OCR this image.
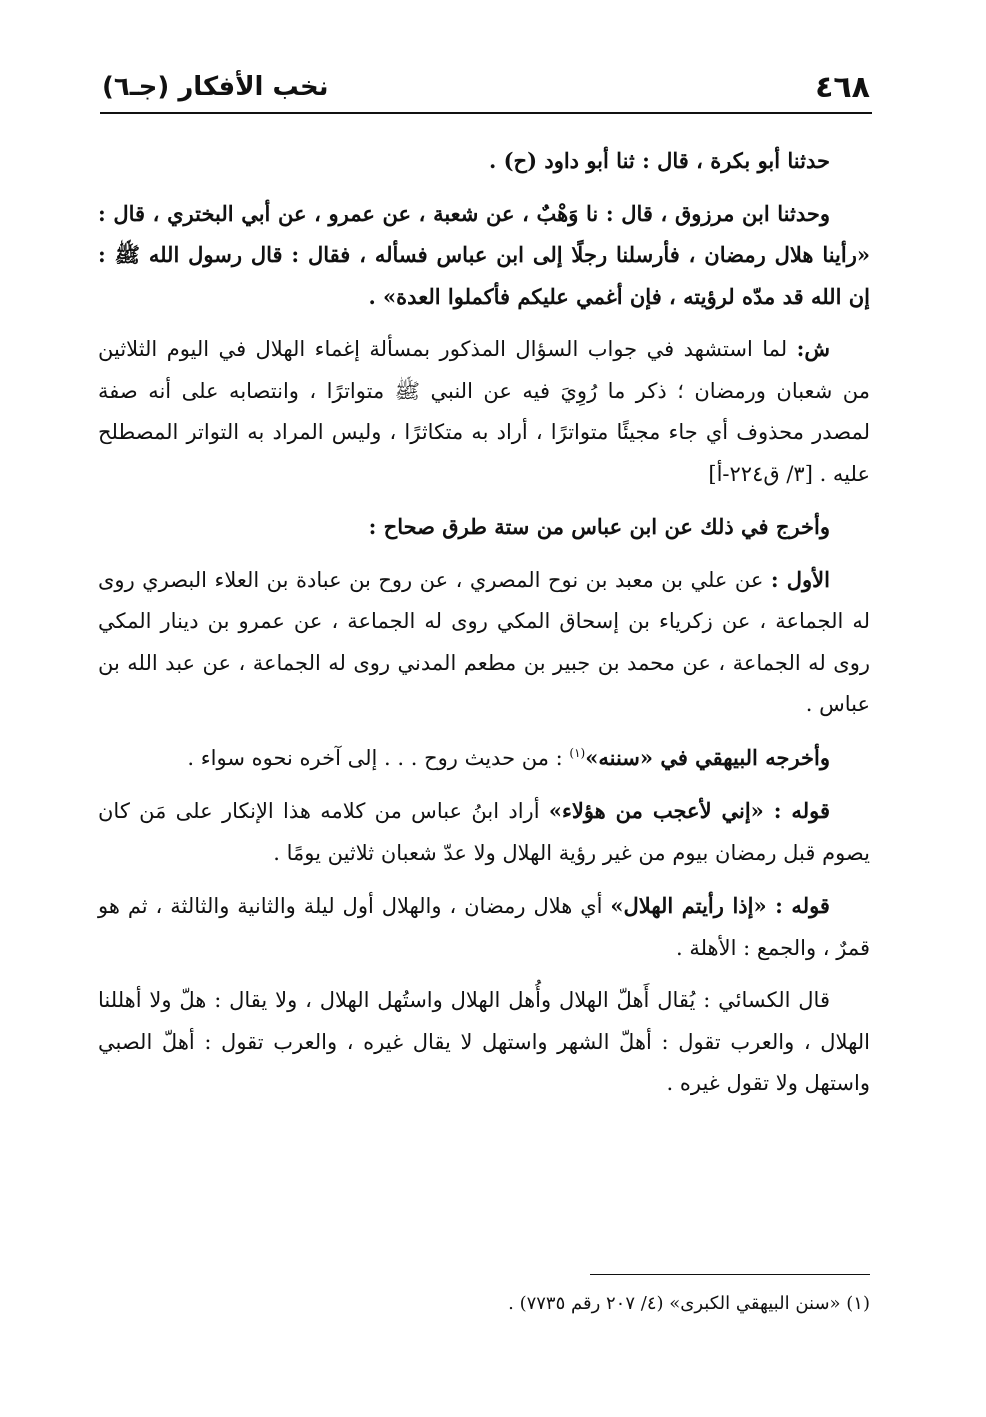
٤٦٨
نخب الأفكار (جـ٦)

حدثنا أبو بكرة ، قال : ثنا أبو داود (ح) .

وحدثنا ابن مرزوق ، قال : نا وَهْبٌ ، عن شعبة ، عن عمرو ، عن أبي البختري ، قال : «رأينا هلال رمضان ، فأرسلنا رجلًا إلى ابن عباس فسأله ، فقال : قال رسول الله ﷺ : إن الله قد مدّه لرؤيته ، فإن أغمي عليكم فأكملوا العدة» .

ش: لما استشهد في جواب السؤال المذكور بمسألة إغماء الهلال في اليوم الثلاثين من شعبان ورمضان ؛ ذكر ما رُوِيَ فيه عن النبي ﷺ متواترًا ، وانتصابه على أنه صفة لمصدر محذوف أي جاء مجيئًا متواترًا ، أراد به متكاثرًا ، وليس المراد به التواتر المصطلح عليه . [٣/ ق٢٢٤-أ]

وأخرج في ذلك عن ابن عباس من ستة طرق صحاح :

الأول : عن علي بن معبد بن نوح المصري ، عن روح بن عبادة بن العلاء البصري روى له الجماعة ، عن زكرياء بن إسحاق المكي روى له الجماعة ، عن عمرو بن دينار المكي روى له الجماعة ، عن محمد بن جبير بن مطعم المدني روى له الجماعة ، عن عبد الله بن عباس .

وأخرجه البيهقي في «سننه»$^{(١)}$ : من حديث روح . . . إلى آخره نحوه سواء .

قوله : «إني لأعجب من هؤلاء» أراد ابنُ عباس من كلامه هذا الإنكار على مَن كان يصوم قبل رمضان بيوم من غير رؤية الهلال ولا عدّ شعبان ثلاثين يومًا .

قوله : «إذا رأيتم الهلال» أي هلال رمضان ، والهلال أول ليلة والثانية والثالثة ، ثم هو قمرٌ ، والجمع : الأهلة .

قال الكسائي : يُقال أَهلّ الهلال وأُهل الهلال واستُهل الهلال ، ولا يقال : هلّ ولا أهللنا الهلال ، والعرب تقول : أهلّ الشهر واستهل لا يقال غيره ، والعرب تقول : أهلّ الصبي واستهل ولا تقول غيره .

(١) «سنن البيهقي الكبرى» (٤/ ٢٠٧ رقم ٧٧٣٥) .
